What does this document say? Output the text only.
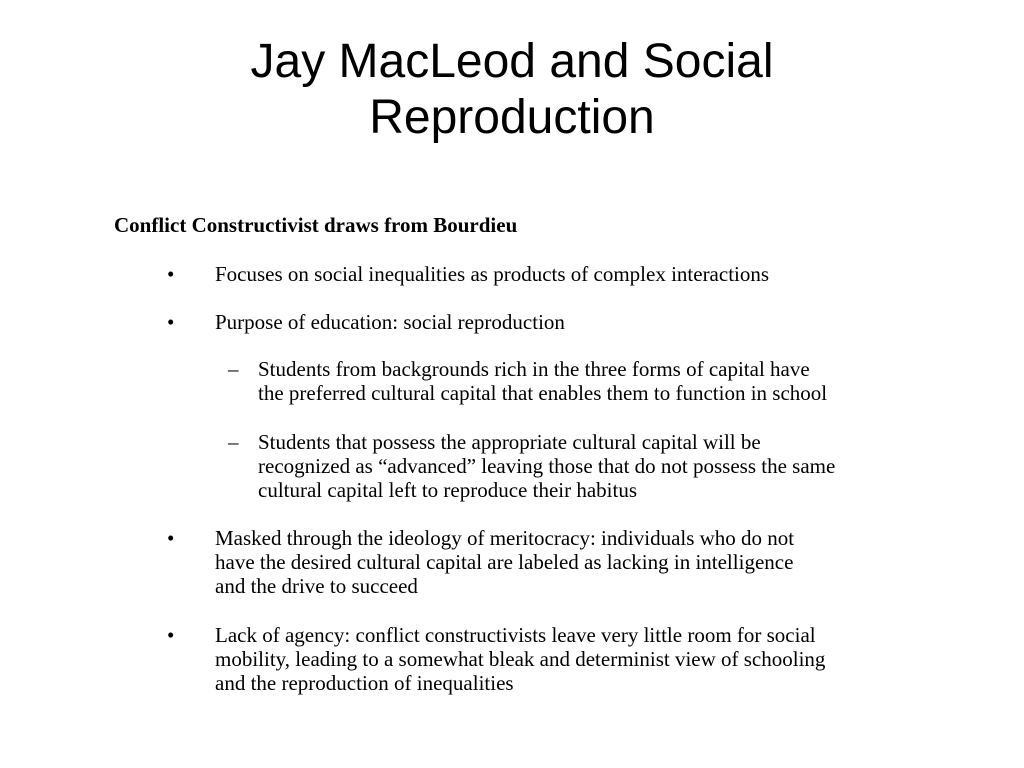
Jay MacLeod and Social
Reproduction

Conflict Constructivist draws from Bourdieu

• Focuses on social inequalities as products of complex interactions
• Purpose of education: social reproduction
– Students from backgrounds rich in the three forms of capital have
the preferred cultural capital that enables them to function in school
– Students that possess the appropriate cultural capital will be
recognized as “advanced” leaving those that do not possess the same
cultural capital left to reproduce their habitus
• Masked through the ideology of meritocracy: individuals who do not
have the desired cultural capital are labeled as lacking in intelligence
and the drive to succeed
• Lack of agency: conflict constructivists leave very little room for social
mobility, leading to a somewhat bleak and determinist view of schooling
and the reproduction of inequalities
